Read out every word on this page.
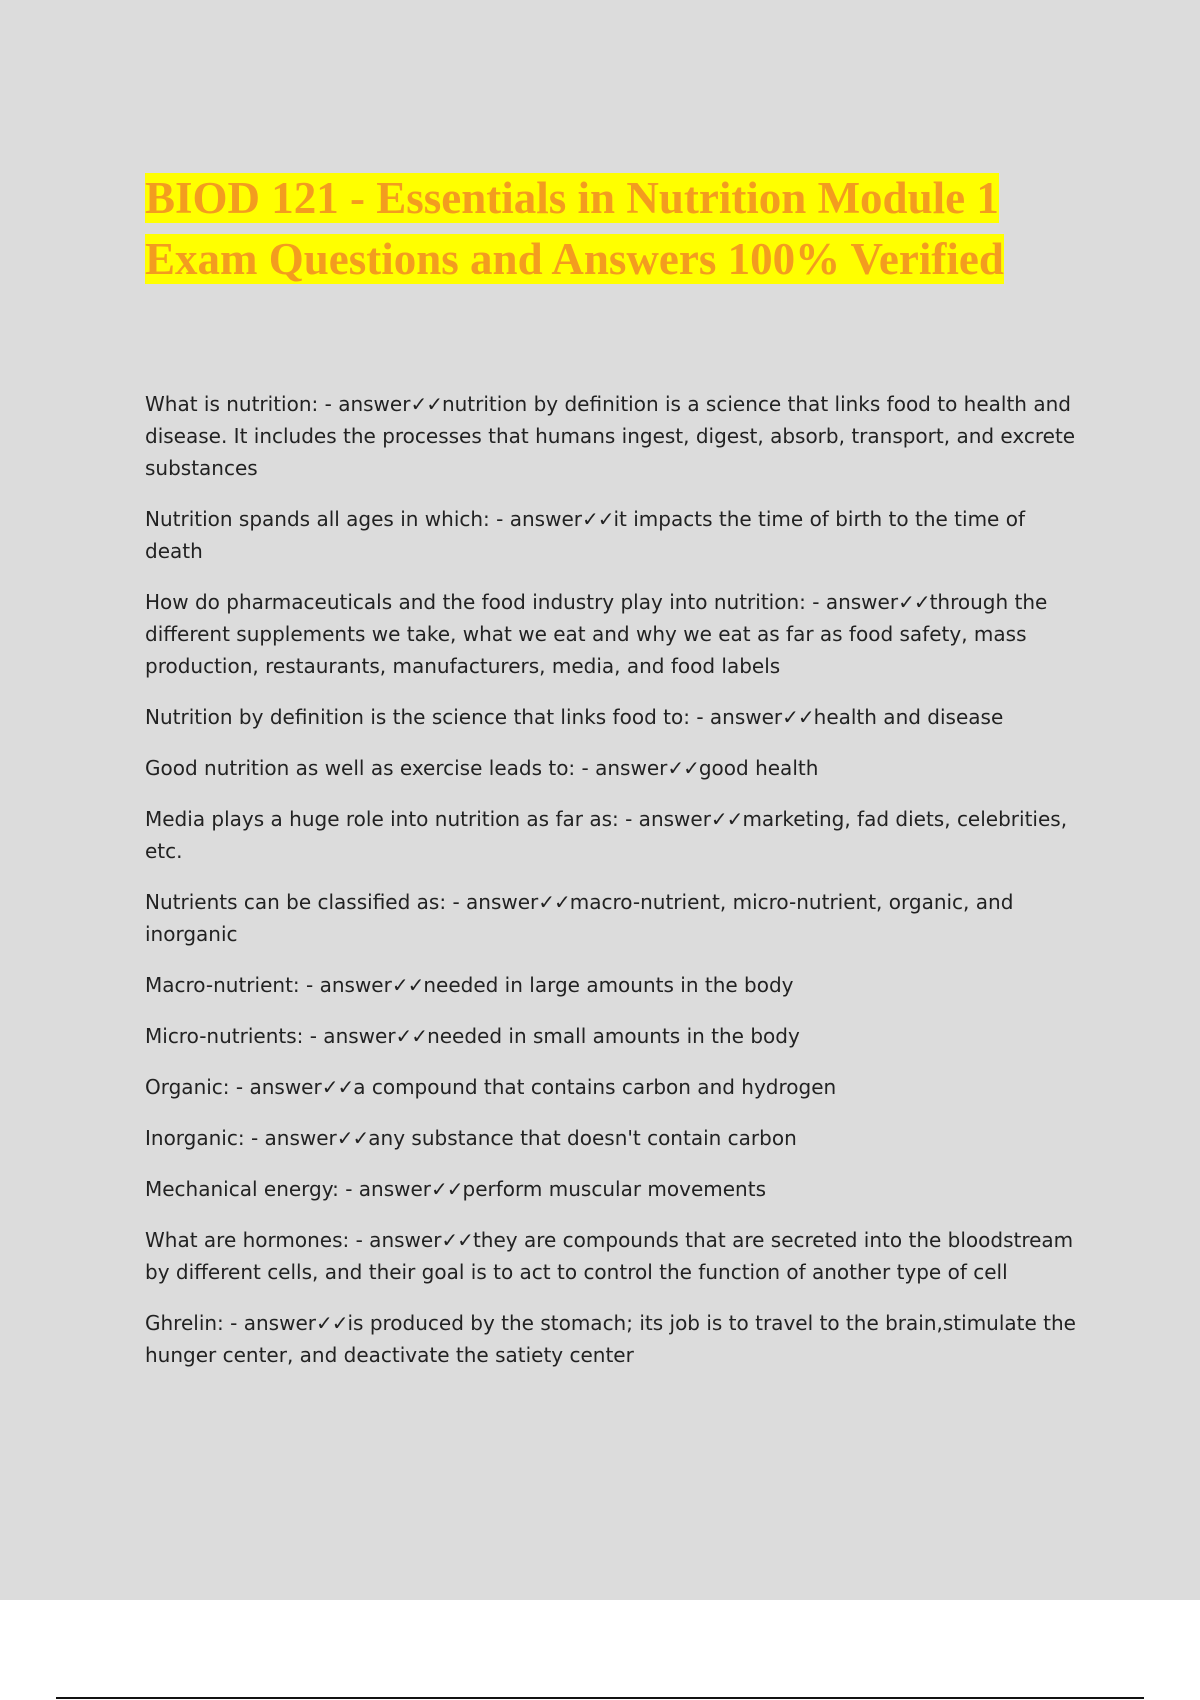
BIOD 121 - Essentials in Nutrition Module 1
Exam Questions and Answers 100% Verified
What is nutrition: - answer✓✓nutrition by definition is a science that links food to health and disease. It includes the processes that humans ingest, digest, absorb, transport, and excrete substances
Nutrition spands all ages in which: - answer✓✓it impacts the time of birth to the time of death
How do pharmaceuticals and the food industry play into nutrition: - answer✓✓through the different supplements we take, what we eat and why we eat as far as food safety, mass production, restaurants, manufacturers, media, and food labels
Nutrition by definition is the science that links food to: - answer✓✓health and disease
Good nutrition as well as exercise leads to: - answer✓✓good health
Media plays a huge role into nutrition as far as: - answer✓✓marketing, fad diets, celebrities, etc.
Nutrients can be classified as: - answer✓✓macro-nutrient, micro-nutrient, organic, and inorganic
Macro-nutrient: - answer✓✓needed in large amounts in the body
Micro-nutrients: - answer✓✓needed in small amounts in the body
Organic: - answer✓✓a compound that contains carbon and hydrogen
Inorganic: - answer✓✓any substance that doesn't contain carbon
Mechanical energy: - answer✓✓perform muscular movements
What are hormones: - answer✓✓they are compounds that are secreted into the bloodstream by different cells, and their goal is to act to control the function of another type of cell
Ghrelin: - answer✓✓is produced by the stomach; its job is to travel to the brain,stimulate the hunger center, and deactivate the satiety center
